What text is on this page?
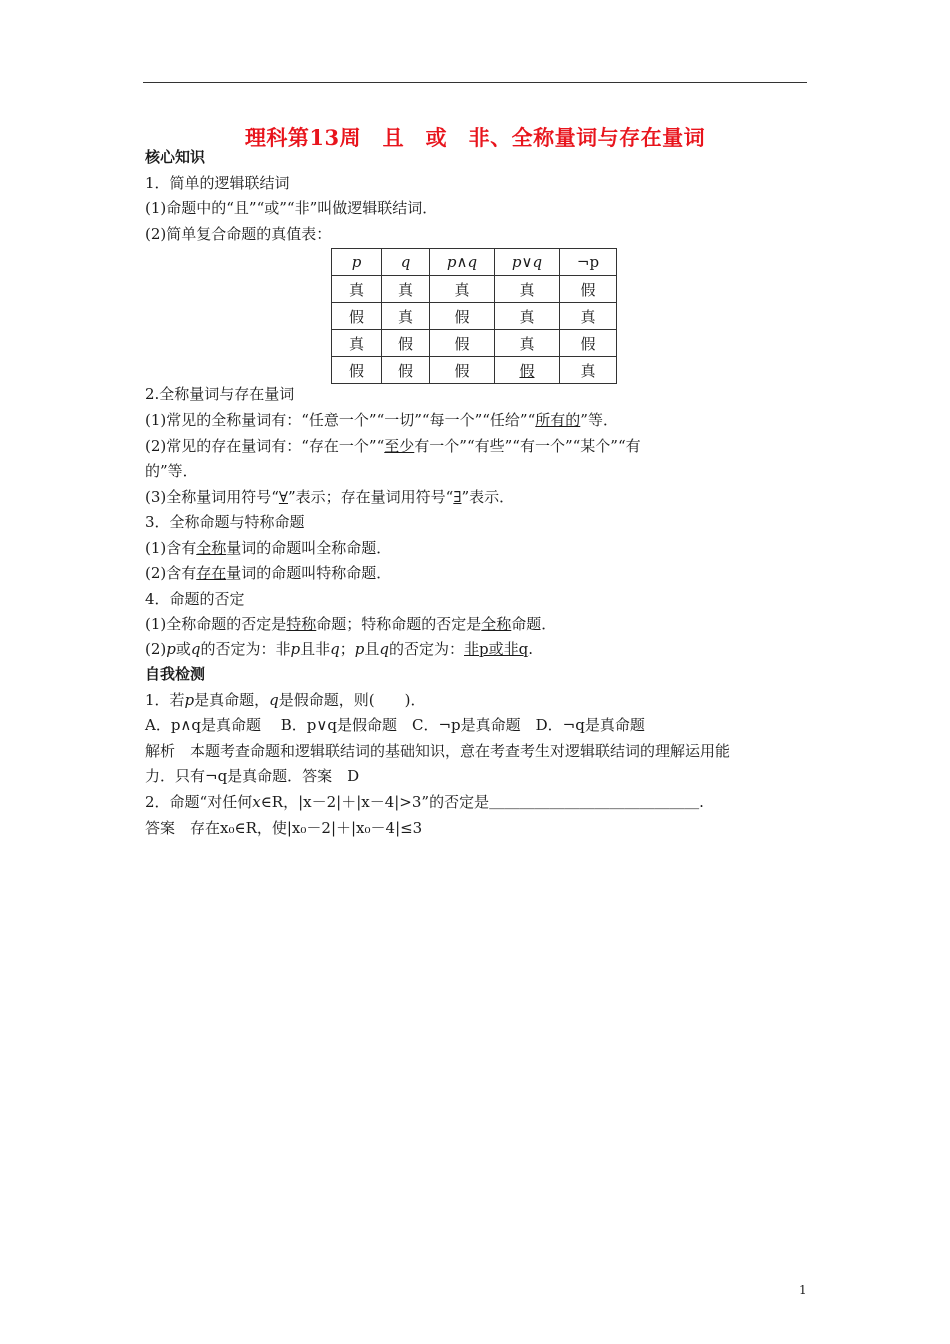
理科第13周　且　或　非、全称量词与存在量词
核心知识
1．简单的逻辑联结词
(1)命题中的“且”“或”“非”叫做逻辑联结词．
(2)简单复合命题的真值表：
p	q	p∧q	p∨q	¬p
真	真	真	真	假
假	真	假	真	真
真	假	假	真	假
假	假	假	假	真
2.全称量词与存在量词
(1)常见的全称量词有：“任意一个”“一切”“每一个”“任给”“所有的”等．
(2)常见的存在量词有：“存在一个”“至少有一个”“有些”“有一个”“某个”“有
的”等．
(3)全称量词用符号“∀”表示；存在量词用符号“∃”表示．
3．全称命题与特称命题
(1)含有全称量词的命题叫全称命题．
(2)含有存在量词的命题叫特称命题．
4．命题的否定
(1)全称命题的否定是特称命题；特称命题的否定是全称命题．
(2)p或q的否定为：非p且非q；p且q的否定为：非p或非q.
自我检测
1．若p是真命题，q是假命题，则(　　)．
A．p∧q是真命题　 B．p∨q是假命题　C．¬p是真命题　D．¬q是真命题
解析　本题考查命题和逻辑联结词的基础知识，意在考查考生对逻辑联结词的理解运用能
力．只有¬q是真命题．答案　D
2．命题“对任何x∈R，|x－2|＋|x－4|>3”的否定是＿＿＿＿＿＿＿＿＿＿＿＿＿＿.
答案　存在x₀∈R，使|x₀－2|＋|x₀－4|≤3
1
